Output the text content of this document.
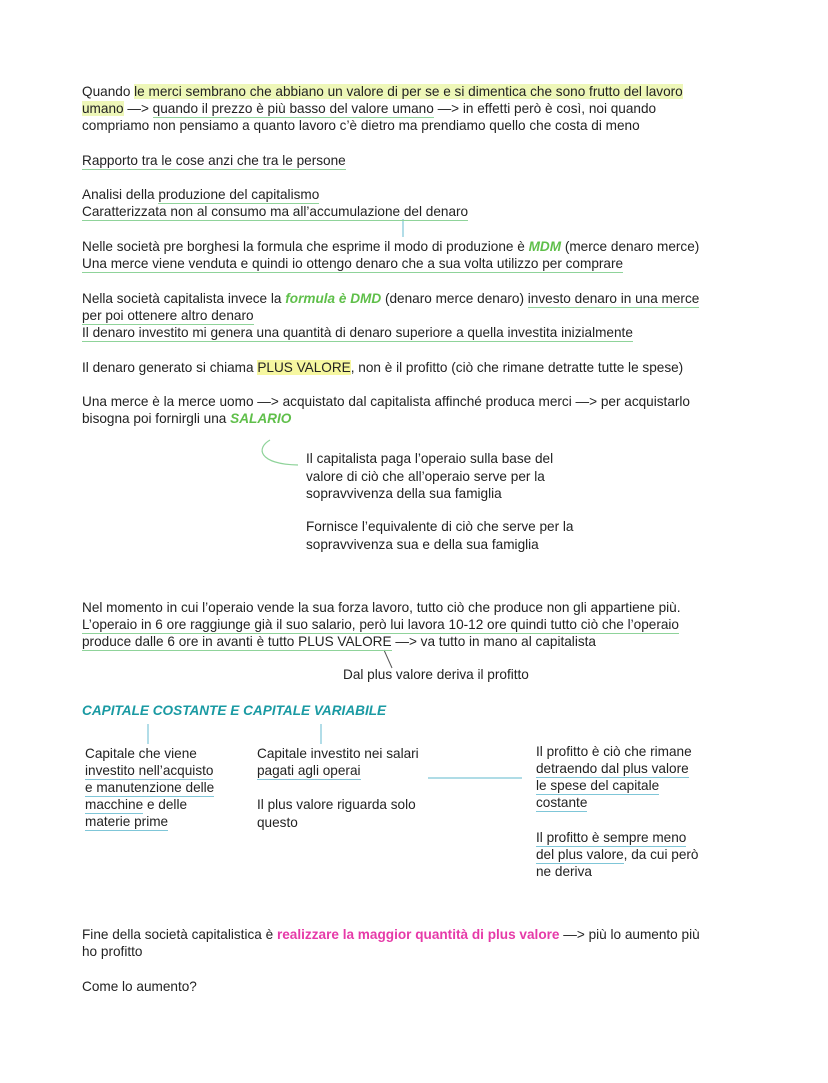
Quando le merci sembrano che abbiano un valore di per se e si dimentica che sono frutto del lavoro
umano —> quando il prezzo è più basso del valore umano —> in effetti però è così, noi quando
compriamo non pensiamo a quanto lavoro c’è dietro ma prendiamo quello che costa di meno
Rapporto tra le cose anzi che tra le persone
Analisi della produzione del capitalismo
Caratterizzata non al consumo ma all’accumulazione del denaro
Nelle società pre borghesi la formula che esprime il modo di produzione è MDM (merce denaro merce)
Una merce viene venduta e quindi io ottengo denaro che a sua volta utilizzo per comprare
Nella società capitalista invece la formula è DMD (denaro merce denaro) investo denaro in una merce
per poi ottenere altro denaro
Il denaro investito mi genera una quantità di denaro superiore a quella investita inizialmente
Il denaro generato si chiama PLUS VALORE, non è il profitto (ciò che rimane detratte tutte le spese)
Una merce è la merce uomo —> acquistato dal capitalista affinché produca merci —> per acquistarlo
bisogna poi fornirgli una SALARIO
Il capitalista paga l’operaio sulla base del valore di ciò che all’operaio serve per la sopravvivenza della sua famiglia
Fornisce l’equivalente di ciò che serve per la sopravvivenza sua e della sua famiglia
Nel momento in cui l’operaio vende la sua forza lavoro, tutto ciò che produce non gli appartiene più.
L’operaio in 6 ore raggiunge già il suo salario, però lui lavora 10-12 ore quindi tutto ciò che l’operaio
produce dalle 6 ore in avanti è tutto PLUS VALORE —> va tutto in mano al capitalista
Dal plus valore deriva il profitto
CAPITALE COSTANTE E CAPITALE VARIABILE
Capitale che viene
investito nell’acquisto
e manutenzione delle
macchine e delle
materie prime
Capitale investito nei salari
pagati agli operai
Il plus valore riguarda solo questo
Il profitto è ciò che rimane
detraendo dal plus valore
le spese del capitale
costante
Il profitto è sempre meno
del plus valore, da cui però
ne deriva
Fine della società capitalistica è realizzare la maggior quantità di plus valore —> più lo aumento più
ho profitto
Come lo aumento?
